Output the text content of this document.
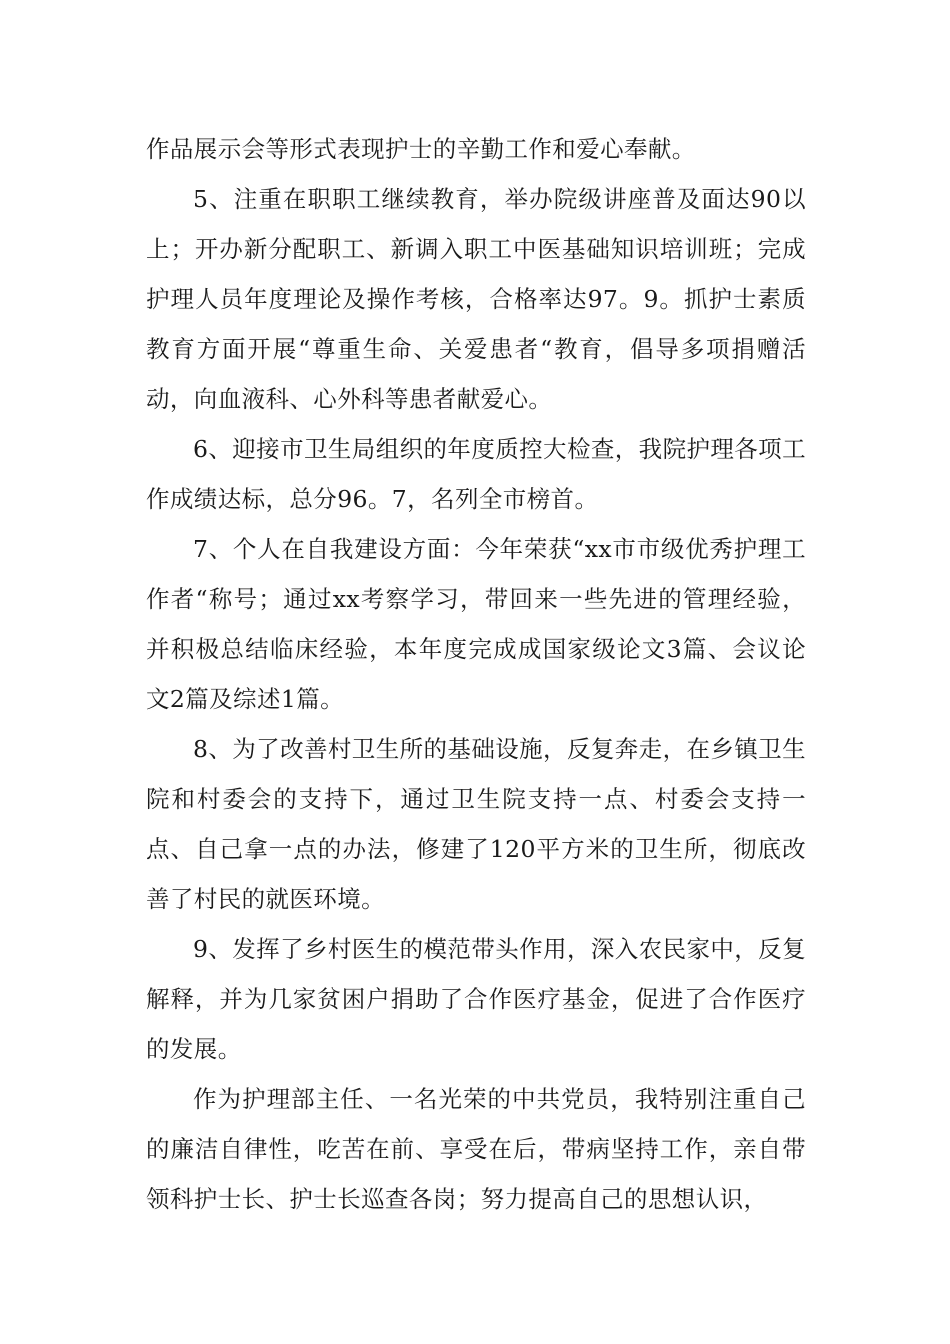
作品展示会等形式表现护士的辛勤工作和爱心奉献。

5、注重在职职工继续教育，举办院级讲座普及面达90以上；开办新分配职工、新调入职工中医基础知识培训班；完成护理人员年度理论及操作考核，合格率达97。9。抓护士素质教育方面开展“尊重生命、关爱患者“教育，倡导多项捐赠活动，向血液科、心外科等患者献爱心。

6、迎接市卫生局组织的年度质控大检查，我院护理各项工作成绩达标，总分96。7，名列全市榜首。

7、个人在自我建设方面：今年荣获“xx市市级优秀护理工作者“称号；通过xx考察学习，带回来一些先进的管理经验，并积极总结临床经验，本年度完成成国家级论文3篇、会议论文2篇及综述1篇。

8、为了改善村卫生所的基础设施，反复奔走，在乡镇卫生院和村委会的支持下，通过卫生院支持一点、村委会支持一点、自己拿一点的办法，修建了120平方米的卫生所，彻底改善了村民的就医环境。

9、发挥了乡村医生的模范带头作用，深入农民家中，反复解释，并为几家贫困户捐助了合作医疗基金，促进了合作医疗的发展。

作为护理部主任、一名光荣的中共党员，我特别注重自己的廉洁自律性，吃苦在前、享受在后，带病坚持工作，亲自带领科护士长、护士长巡查各岗；努力提高自己的思想认识，
